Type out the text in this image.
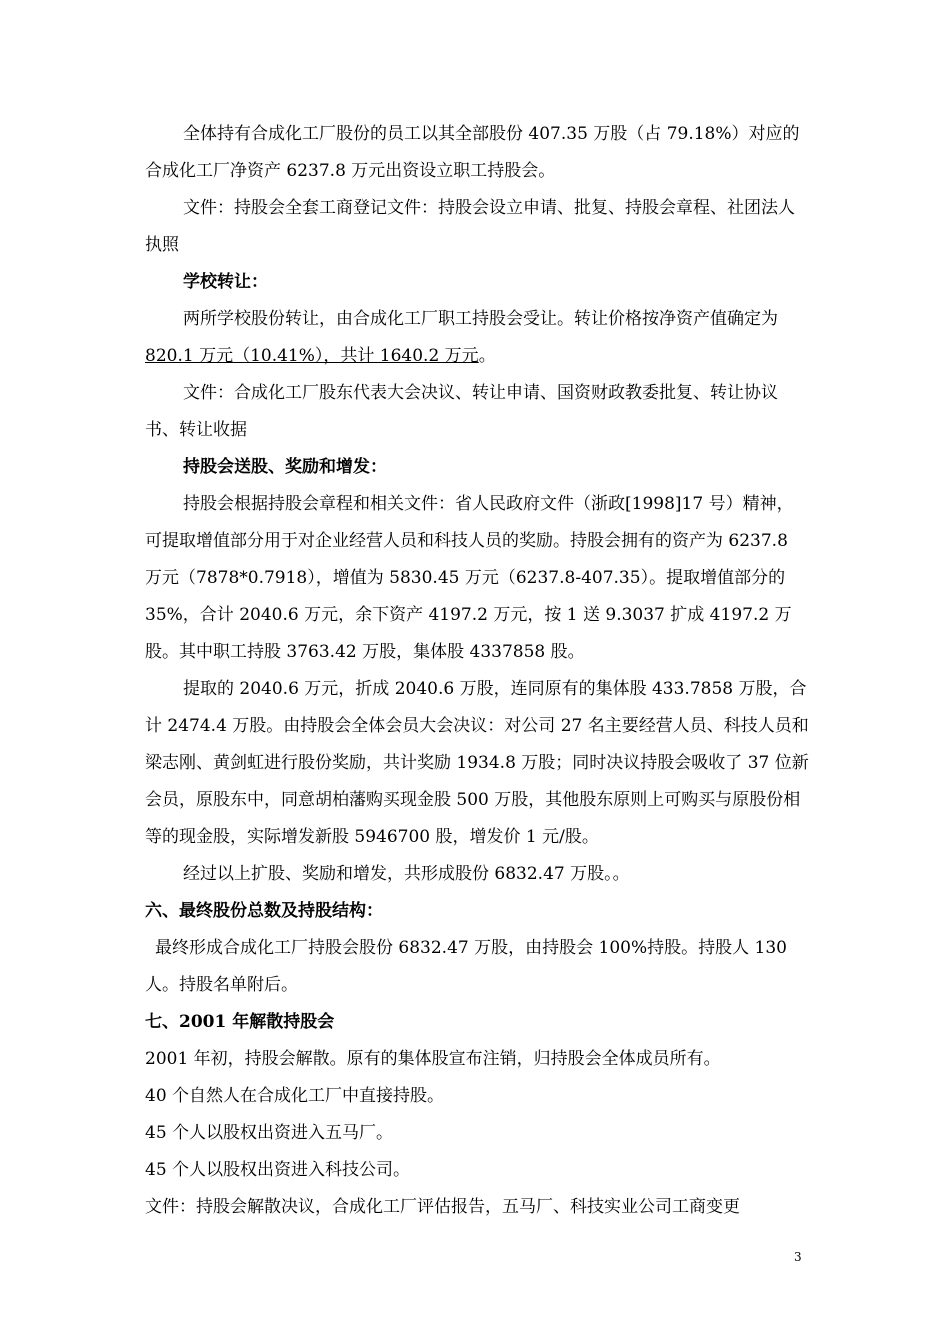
全体持有合成化工厂股份的员工以其全部股份 407.35 万股（占 79.18%）对应的合成化工厂净资产 6237.8 万元出资设立职工持股会。

文件：持股会全套工商登记文件：持股会设立申请、批复、持股会章程、社团法人执照

学校转让：

两所学校股份转让，由合成化工厂职工持股会受让。转让价格按净资产值确定为820.1 万元（10.41%），共计 1640.2 万元。

文件：合成化工厂股东代表大会决议、转让申请、国资财政教委批复、转让协议书、转让收据

持股会送股、奖励和增发：

持股会根据持股会章程和相关文件：省人民政府文件（浙政[1998]17 号）精神，可提取增值部分用于对企业经营人员和科技人员的奖励。持股会拥有的资产为 6237.8 万元（7878*0.7918），增值为 5830.45 万元（6237.8-407.35）。提取增值部分的 35%，合计 2040.6 万元，余下资产 4197.2 万元，按 1 送 9.3037 扩成 4197.2 万股。其中职工持股 3763.42 万股，集体股 4337858 股。

提取的 2040.6 万元，折成 2040.6 万股，连同原有的集体股 433.7858 万股，合计 2474.4 万股。由持股会全体会员大会决议：对公司 27 名主要经营人员、科技人员和梁志刚、黄剑虹进行股份奖励，共计奖励 1934.8 万股；同时决议持股会吸收了 37 位新会员，原股东中，同意胡柏藩购买现金股 500 万股，其他股东原则上可购买与原股份相等的现金股，实际增发新股 5946700 股，增发价 1 元/股。

经过以上扩股、奖励和增发，共形成股份 6832.47 万股。。

六、最终股份总数及持股结构：

最终形成合成化工厂持股会股份 6832.47 万股，由持股会 100%持股。持股人 130 人。持股名单附后。

七、2001 年解散持股会

2001 年初，持股会解散。原有的集体股宣布注销，归持股会全体成员所有。

40 个自然人在合成化工厂中直接持股。

45 个人以股权出资进入五马厂。

45 个人以股权出资进入科技公司。

文件：持股会解散决议，合成化工厂评估报告，五马厂、科技实业公司工商变更

3
